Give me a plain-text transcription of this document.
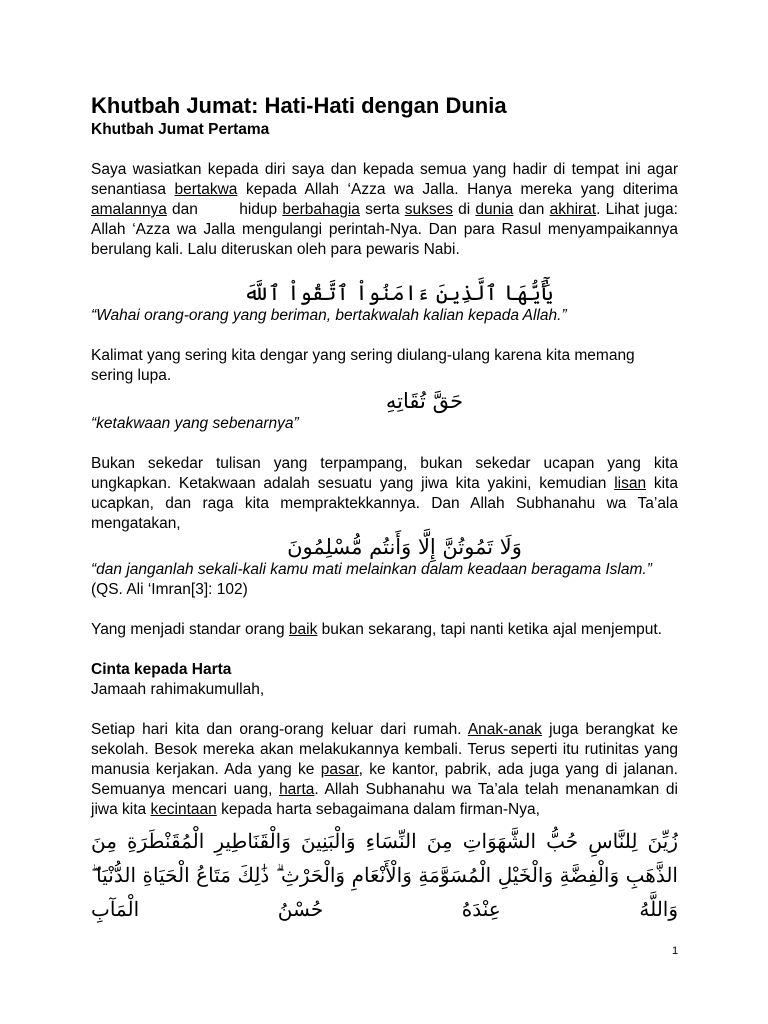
Khutbah Jumat: Hati-Hati dengan Dunia
Khutbah Jumat Pertama

Saya wasiatkan kepada diri saya dan kepada semua yang hadir di tempat ini agar senantiasa bertakwa kepada Allah ‘Azza wa Jalla. Hanya mereka yang diterima amalannya dan        hidup berbahagia serta sukses di dunia dan akhirat. Lihat juga: Allah ‘Azza wa Jalla mengulangi perintah-Nya. Dan para Rasul menyampaikannya berulang kali. Lalu diteruskan oleh para pewaris Nabi.

يَٰٓأَيُّهَا ٱلَّذِينَ ءَامَنُواْ ٱتَّقُواْ ٱللَّهَ

“Wahai orang-orang yang beriman, bertakwalah kalian kepada Allah.”

Kalimat yang sering kita dengar yang sering diulang-ulang karena kita memang sering lupa.

حَقَّ تُقَاتِهِ

“ketakwaan yang sebenarnya”

Bukan sekedar tulisan yang terpampang, bukan sekedar ucapan yang kita ungkapkan. Ketakwaan adalah sesuatu yang jiwa kita yakini, kemudian lisan kita ucapkan, dan raga kita mempraktekkannya. Dan Allah Subhanahu wa Ta’ala mengatakan,

وَلَا تَمُوتُنَّ إِلَّا وَأَنتُم مُّسْلِمُونَ

“dan janganlah sekali-kali kamu mati melainkan dalam keadaan beragama Islam.” (QS. Ali ‘Imran[3]: 102)

Yang menjadi standar orang baik bukan sekarang, tapi nanti ketika ajal menjemput.

Cinta kepada Harta

Jamaah rahimakumullah,

Setiap hari kita dan orang-orang keluar dari rumah. Anak-anak juga berangkat ke sekolah. Besok mereka akan melakukannya kembali. Terus seperti itu rutinitas yang manusia kerjakan. Ada yang ke pasar, ke kantor, pabrik, ada juga yang di jalanan. Semuanya mencari uang, harta. Allah Subhanahu wa Ta’ala telah menanamkan di jiwa kita kecintaan kepada harta sebagaimana dalam firman-Nya,

زُيِّنَ لِلنَّاسِ حُبُّ الشَّهَوَاتِ مِنَ النِّسَاءِ وَالْبَنِينَ وَالْقَنَاطِيرِ الْمُقَنْطَرَةِ مِنَ الذَّهَبِ وَالْفِضَّةِ وَالْخَيْلِ الْمُسَوَّمَةِ وَالْأَنْعَامِ وَالْحَرْثِ ۗ ذَٰلِكَ مَتَاعُ الْحَيَاةِ الدُّنْيَا ۖ وَاللَّهُ عِنْدَهُ حُسْنُ الْمَآبِ
1
